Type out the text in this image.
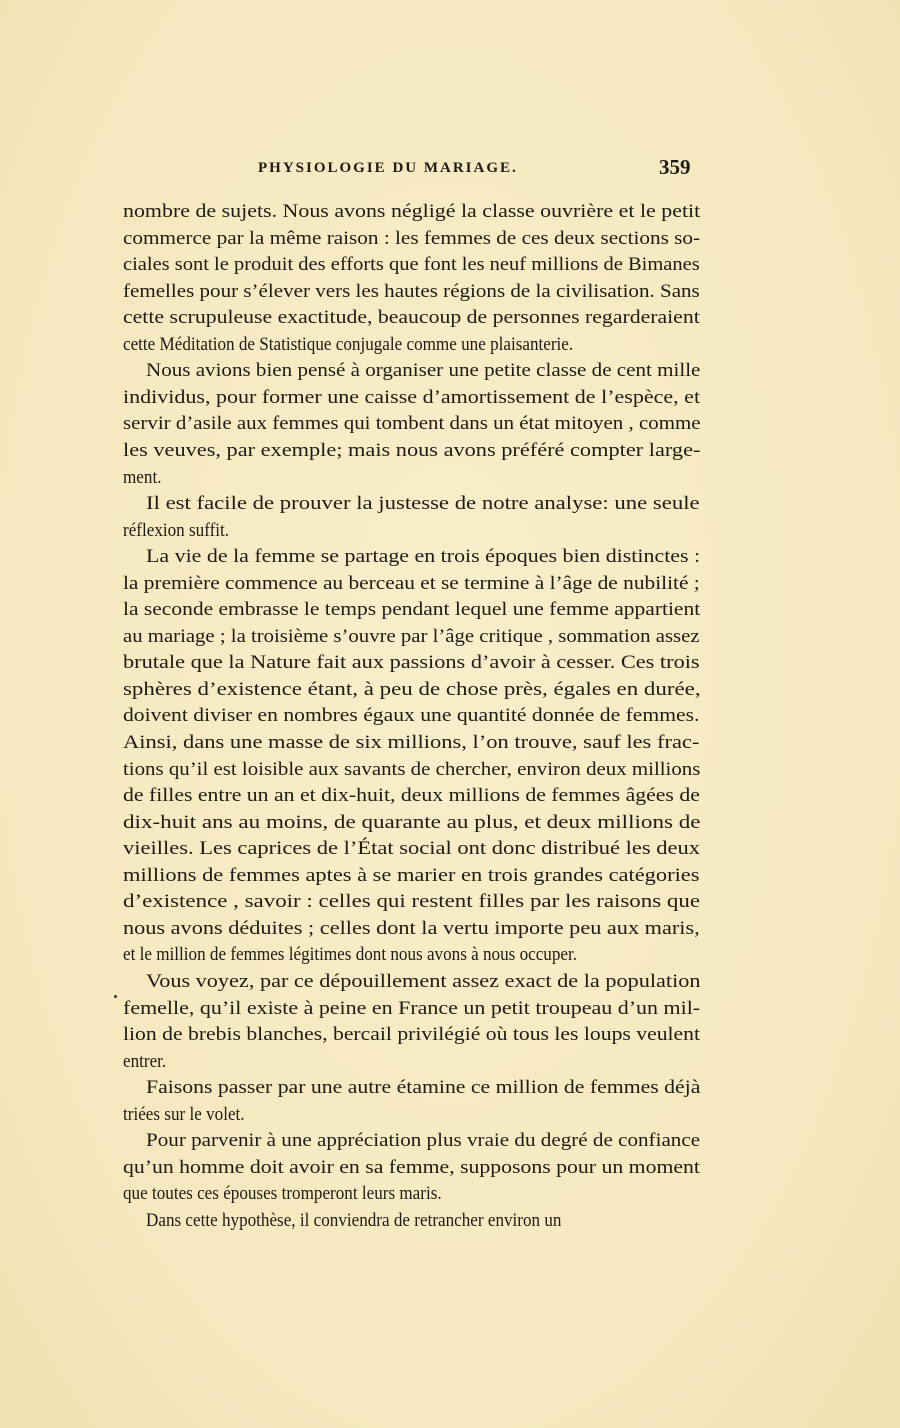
PHYSIOLOGIE DU MARIAGE.	359
nombre de sujets. Nous avons négligé la classe ouvrière et le petit
commerce par la même raison : les femmes de ces deux sections so-
ciales sont le produit des efforts que font les neuf millions de Bimanes
femelles pour s’élever vers les hautes régions de la civilisation. Sans
cette scrupuleuse exactitude, beaucoup de personnes regarderaient
cette Méditation de Statistique conjugale comme une plaisanterie.
Nous avions bien pensé à organiser une petite classe de cent mille
individus, pour former une caisse d’amortissement de l’espèce, et
servir d’asile aux femmes qui tombent dans un état mitoyen , comme
les veuves, par exemple; mais nous avons préféré compter large-
ment.
Il est facile de prouver la justesse de notre analyse: une seule
réflexion suffit.
La vie de la femme se partage en trois époques bien distinctes :
la première commence au berceau et se termine à l’âge de nubilité ;
la seconde embrasse le temps pendant lequel une femme appartient
au mariage ; la troisième s’ouvre par l’âge critique , sommation assez
brutale que la Nature fait aux passions d’avoir à cesser. Ces trois
sphères d’existence étant, à peu de chose près, égales en durée,
doivent diviser en nombres égaux une quantité donnée de femmes.
Ainsi, dans une masse de six millions, l’on trouve, sauf les frac-
tions qu’il est loisible aux savants de chercher, environ deux millions
de filles entre un an et dix-huit, deux millions de femmes âgées de
dix-huit ans au moins, de quarante au plus, et deux millions de
vieilles. Les caprices de l’État social ont donc distribué les deux
millions de femmes aptes à se marier en trois grandes catégories
d’existence , savoir : celles qui restent filles par les raisons que
nous avons déduites ; celles dont la vertu importe peu aux maris,
et le million de femmes légitimes dont nous avons à nous occuper.
Vous voyez, par ce dépouillement assez exact de la population
femelle, qu’il existe à peine en France un petit troupeau d’un mil-
lion de brebis blanches, bercail privilégié où tous les loups veulent
entrer.
Faisons passer par une autre étamine ce million de femmes déjà
triées sur le volet.
Pour parvenir à une appréciation plus vraie du degré de confiance
qu’un homme doit avoir en sa femme, supposons pour un moment
que toutes ces épouses tromperont leurs maris.
Dans cette hypothèse, il conviendra de retrancher environ un
